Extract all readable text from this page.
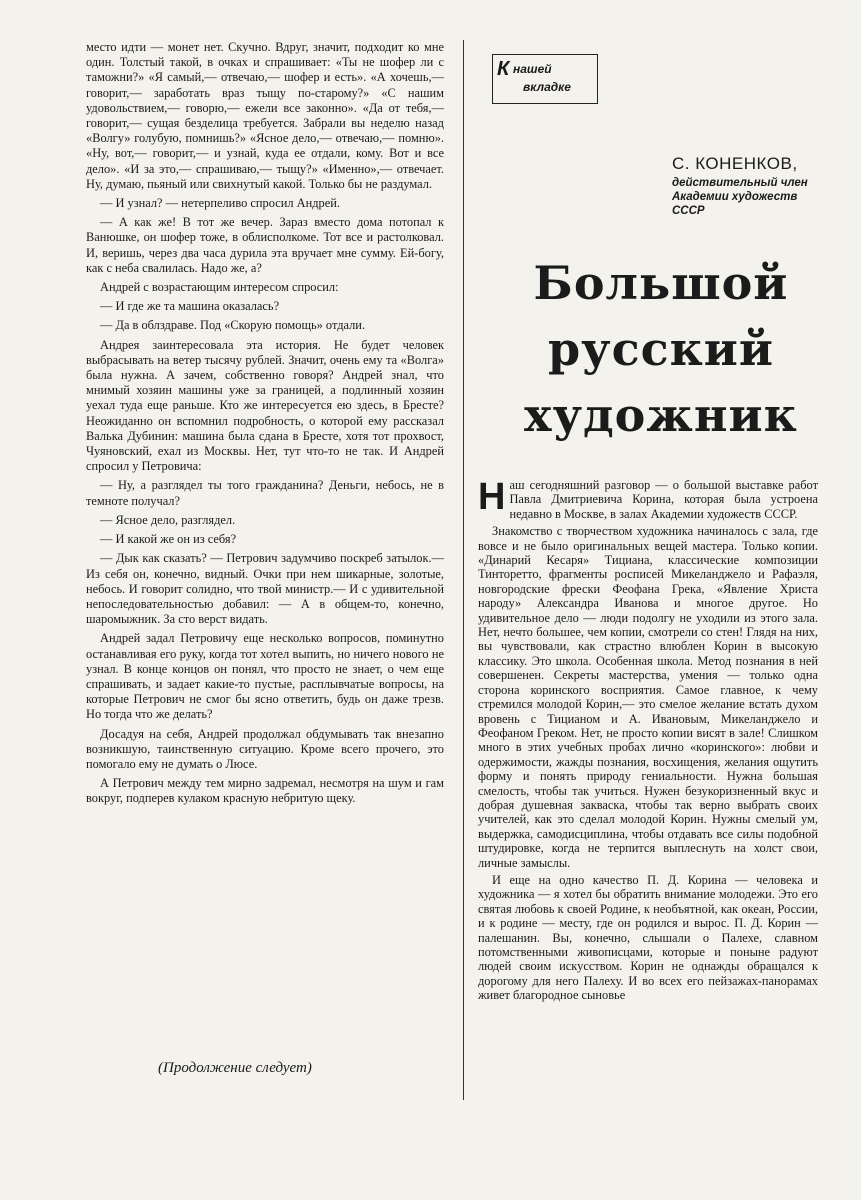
место идти — монет нет. Скучно. Вдруг, значит, подходит ко мне один. Толстый такой, в очках и спрашивает: «Ты не шофер ли с таможни?» «Я самый,— отвечаю,— шофер и есть». «А хочешь,— говорит,— заработать враз тыщу по-старому?» «С нашим удовольствием,— говорю,— ежели все законно». «Да от тебя,— говорит,— сущая безделица требуется. Забрали вы неделю назад «Волгу» голубую, помнишь?» «Ясное дело,— отвечаю,— помню». «Ну, вот,— говорит,— и узнай, куда ее отдали, кому. Вот и все дело». «И за это,— спрашиваю,— тыщу?» «Именно»,— отвечает. Ну, думаю, пьяный или свихнутый какой. Только бы не раздумал.

— И узнал? — нетерпеливо спросил Андрей.

— А как же! В тот же вечер. Зараз вместо дома потопал к Ванюшке, он шофер тоже, в облисполкоме. Тот все и растолковал. И, веришь, через два часа дурила эта вручает мне сумму. Ей-богу, как с неба свалилась. Надо же, а?

Андрей с возрастающим интересом спросил:

— И где же та машина оказалась?

— Да в облздраве. Под «Скорую помощь» отдали.

Андрея заинтересовала эта история. Не будет человек выбрасывать на ветер тысячу рублей. Значит, очень ему та «Волга» была нужна. А зачем, собственно говоря? Андрей знал, что мнимый хозяин машины уже за границей, а подлинный хозяин уехал туда еще раньше. Кто же интересуется ею здесь, в Бресте? Неожиданно он вспомнил подробность, о которой ему рассказал Валька Дубинин: машина была сдана в Бресте, хотя тот прохвост, Чуяновский, ехал из Москвы. Нет, тут что-то не так. И Андрей спросил у Петровича:

— Ну, а разглядел ты того гражданина? Деньги, небось, не в темноте получал?

— Ясное дело, разглядел.

— И какой же он из себя?

— Дык как сказать? — Петрович задумчиво поскреб затылок.— Из себя он, конечно, видный. Очки при нем шикарные, золотые, небось. И говорит солидно, что твой министр.— И с удивительной непоследовательностью добавил: — А в общем-то, конечно, шаромыжник. За сто верст видать.

Андрей задал Петровичу еще несколько вопросов, поминутно останавливая его руку, когда тот хотел выпить, но ничего нового не узнал. В конце концов он понял, что просто не знает, о чем еще спрашивать, и задает какие-то пустые, расплывчатые вопросы, на которые Петрович не смог бы ясно ответить, будь он даже трезв. Но тогда что же делать?

Досадуя на себя, Андрей продолжал обдумывать так внезапно возникшую, таинственную ситуацию. Кроме всего прочего, это помогало ему не думать о Люсе.

А Петрович между тем мирно задремал, несмотря на шум и гам вокруг, подперев кулаком красную небритую щеку.

(Продолжение следует)
К нашей
вкладке

С. КОНЕНКОВ,

действительный член Академии художеств СССР

Большой
русский
художник

Наш сегодняшний разговор — о большой выставке работ Павла Дмитриевича Корина, которая была устроена недавно в Москве, в залах Академии художеств СССР.

Знакомство с творчеством художника начиналось с зала, где вовсе и не было оригинальных вещей мастера. Только копии. «Динарий Кесаря» Тициана, классические композиции Тинторетто, фрагменты росписей Микеланджело и Рафаэля, новгородские фрески Феофана Грека, «Явление Христа народу» Александра Иванова и многое другое. Но удивительное дело — люди подолгу не уходили из этого зала. Нет, нечто большее, чем копии, смотрели со стен! Глядя на них, вы чувствовали, как страстно влюблен Корин в высокую классику. Это школа. Особенная школа. Метод познания в ней совершенен. Секреты мастерства, умения — только одна сторона коринского восприятия. Самое главное, к чему стремился молодой Корин,— это смелое желание встать духом вровень с Тицианом и А. Ивановым, Микеланджело и Феофаном Греком. Нет, не просто копии висят в зале! Слишком много в этих учебных пробах лично «коринского»: любви и одержимости, жажды познания, восхищения, желания ощутить форму и понять природу гениальности. Нужна большая смелость, чтобы так учиться. Нужен безукоризненный вкус и добрая душевная закваска, чтобы так верно выбрать своих учителей, как это сделал молодой Корин. Нужны смелый ум, выдержка, самодисциплина, чтобы отдавать все силы подобной штудировке, когда не терпится выплеснуть на холст свои, личные замыслы.

И еще на одно качество П. Д. Корина — человека и художника — я хотел бы обратить внимание молодежи. Это его святая любовь к своей Родине, к необъятной, как океан, России, и к родине — месту, где он родился и вырос. П. Д. Корин — палешанин. Вы, конечно, слышали о Палехе, славном потомственными живописцами, которые и поныне радуют людей своим искусством. Корин не однажды обращался к дорогому для него Палеху. И во всех его пейзажах-панорамах живет благородное сыновье
